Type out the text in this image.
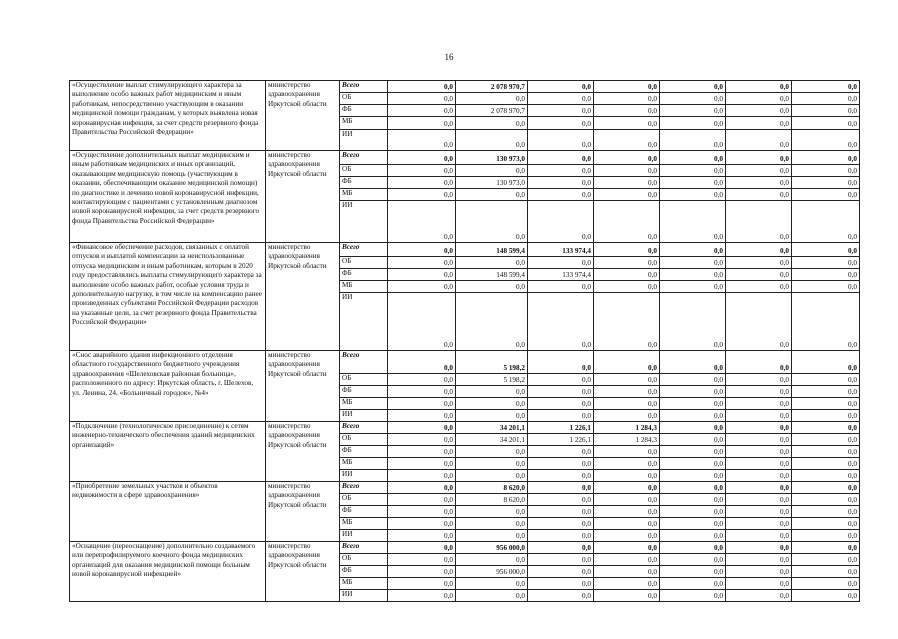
16
«Осуществление выплат стимулирующего характера за выполнение особо важных работ медицинским и иным работникам, непосредственно участвующим в оказании медицинской помощи гражданам, у которых выявлена новая коронавирусная инфекция, за счет средств резервного фонда Правительства Российской Федерации»	министерство здравоохранения Иркутской области	Всего	0,0	2 078 970,7	0,0	0,0	0,0	0,0	0,0
		ОБ	0,0	0,0	0,0	0,0	0,0	0,0	0,0
		ФБ	0,0	2 078 970,7	0,0	0,0	0,0	0,0	0,0
		МБ	0,0	0,0	0,0	0,0	0,0	0,0	0,0
		ИИ	0,0	0,0	0,0	0,0	0,0	0,0	0,0
«Осуществление дополнительных выплат медицинским и иным работникам медицинских и иных организаций, оказывающим медицинскую помощь (участвующим в оказании, обеспечивающим оказание медицинской помощи) по диагностике и лечению новой коронавирусной инфекции, контактирующим с пациентами с установленным диагнозом новой коронавирусной инфекции, за счет средств резервного фонда Правительства Российской Федерации»	министерство здравоохранения Иркутской области	Всего	0,0	130 973,0	0,0	0,0	0,0	0,0	0,0
		ОБ	0,0	0,0	0,0	0,0	0,0	0,0	0,0
		ФБ	0,0	130 973,0	0,0	0,0	0,0	0,0	0,0
		МБ	0,0	0,0	0,0	0,0	0,0	0,0	0,0
		ИИ	0,0	0,0	0,0	0,0	0,0	0,0	0,0
«Финансовое обеспечение расходов, связанных с оплатой отпусков и выплатой компенсации за неиспользованные отпуска медицинским и иным работникам, которым в 2020 году предоставлялись выплаты стимулирующего характера за выполнение особо важных работ, особые условия труда и дополнительную нагрузку, в том числе на компенсацию ранее произведенных субъектами Российской Федерации расходов на указанные цели, за счет резервного фонда Правительства Российской Федерации»	министерство здравоохранения Иркутской области	Всего	0,0	148 599,4	133 974,4	0,0	0,0	0,0	0,0
		ОБ	0,0	0,0	0,0	0,0	0,0	0,0	0,0
		ФБ	0,0	148 599,4	133 974,4	0,0	0,0	0,0	0,0
		МБ	0,0	0,0	0,0	0,0	0,0	0,0	0,0
		ИИ	0,0	0,0	0,0	0,0	0,0	0,0	0,0
«Снос аварийного здания инфекционного отделения областного государственного бюджетного учреждения здравоохранения «Шелеховская районная больница», расположенного по адресу: Иркутская область, г. Шелехов, ул. Ленина, 24, «Больничный городок», №4»	министерство здравоохранения Иркутской области	Всего	0,0	5 198,2	0,0	0,0	0,0	0,0	0,0
		ОБ	0,0	5 198,2	0,0	0,0	0,0	0,0	0,0
		ФБ	0,0	0,0	0,0	0,0	0,0	0,0	0,0
		МБ	0,0	0,0	0,0	0,0	0,0	0,0	0,0
		ИИ	0,0	0,0	0,0	0,0	0,0	0,0	0,0
«Подключение (технологическое присоединение) к сетям инженерно-технического обеспечения зданий медицинских организаций»	министерство здравоохранения Иркутской области	Всего	0,0	34 201,1	1 226,1	1 284,3	0,0	0,0	0,0
		ОБ	0,0	34 201,1	1 226,1	1 284,3	0,0	0,0	0,0
		ФБ	0,0	0,0	0,0	0,0	0,0	0,0	0,0
		МБ	0,0	0,0	0,0	0,0	0,0	0,0	0,0
		ИИ	0,0	0,0	0,0	0,0	0,0	0,0	0,0
«Приобретение земельных участков и объектов недвижимости в сфере здравоохранения»	министерство здравоохранения Иркутской области	Всего	0,0	8 620,0	0,0	0,0	0,0	0,0	0,0
		ОБ	0,0	8 620,0	0,0	0,0	0,0	0,0	0,0
		ФБ	0,0	0,0	0,0	0,0	0,0	0,0	0,0
		МБ	0,0	0,0	0,0	0,0	0,0	0,0	0,0
		ИИ	0,0	0,0	0,0	0,0	0,0	0,0	0,0
«Оснащение (переоснащение) дополнительно создаваемого или перепрофилируемого коечного фонда медицинских организаций для оказания медицинской помощи больным новой коронавирусной инфекцией»	министерство здравоохранения Иркутской области	Всего	0,0	956 000,0	0,0	0,0	0,0	0,0	0,0
		ОБ	0,0	0,0	0,0	0,0	0,0	0,0	0,0
		ФБ	0,0	956 000,0	0,0	0,0	0,0	0,0	0,0
		МБ	0,0	0,0	0,0	0,0	0,0	0,0	0,0
		ИИ	0,0	0,0	0,0	0,0	0,0	0,0	0,0
